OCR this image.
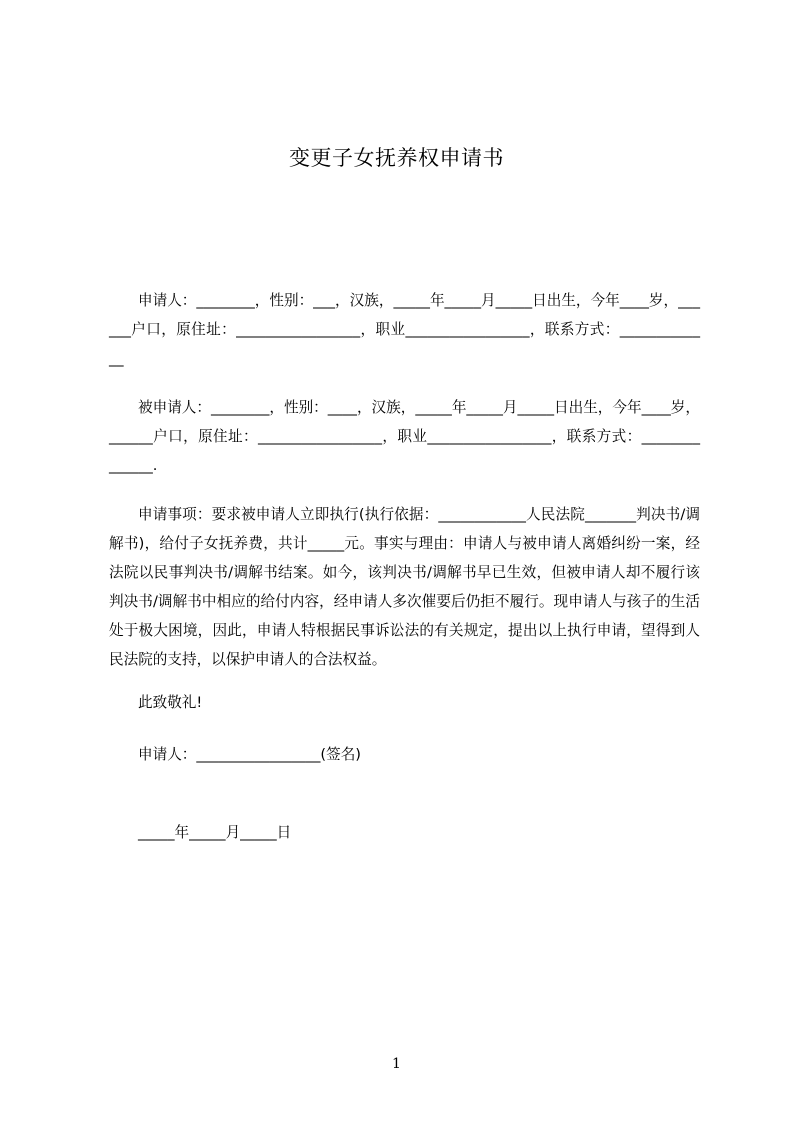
变更子女抚养权申请书
申请人：________，性别：___，汉族，_____年_____月_____日出生，今年____岁，______户口，原住址：_________________，职业_________________，联系方式：_____________
被申请人：________，性别：____，汉族，_____年_____月_____日出生，今年____岁，______户口，原住址：_________________，职业_________________，联系方式：______________.
申请事项：要求被申请人立即执行(执行依据：____________人民法院_______判决书/调解书)，给付子女抚养费，共计_____元。事实与理由：申请人与被申请人离婚纠纷一案，经法院以民事判决书/调解书结案。如今，该判决书/调解书早已生效，但被申请人却不履行该判决书/调解书中相应的给付内容，经申请人多次催要后仍拒不履行。现申请人与孩子的生活处于极大困境，因此，申请人特根据民事诉讼法的有关规定，提出以上执行申请，望得到人民法院的支持，以保护申请人的合法权益。
此致敬礼!
申请人：_________________(签名)
_____年_____月_____日
1
